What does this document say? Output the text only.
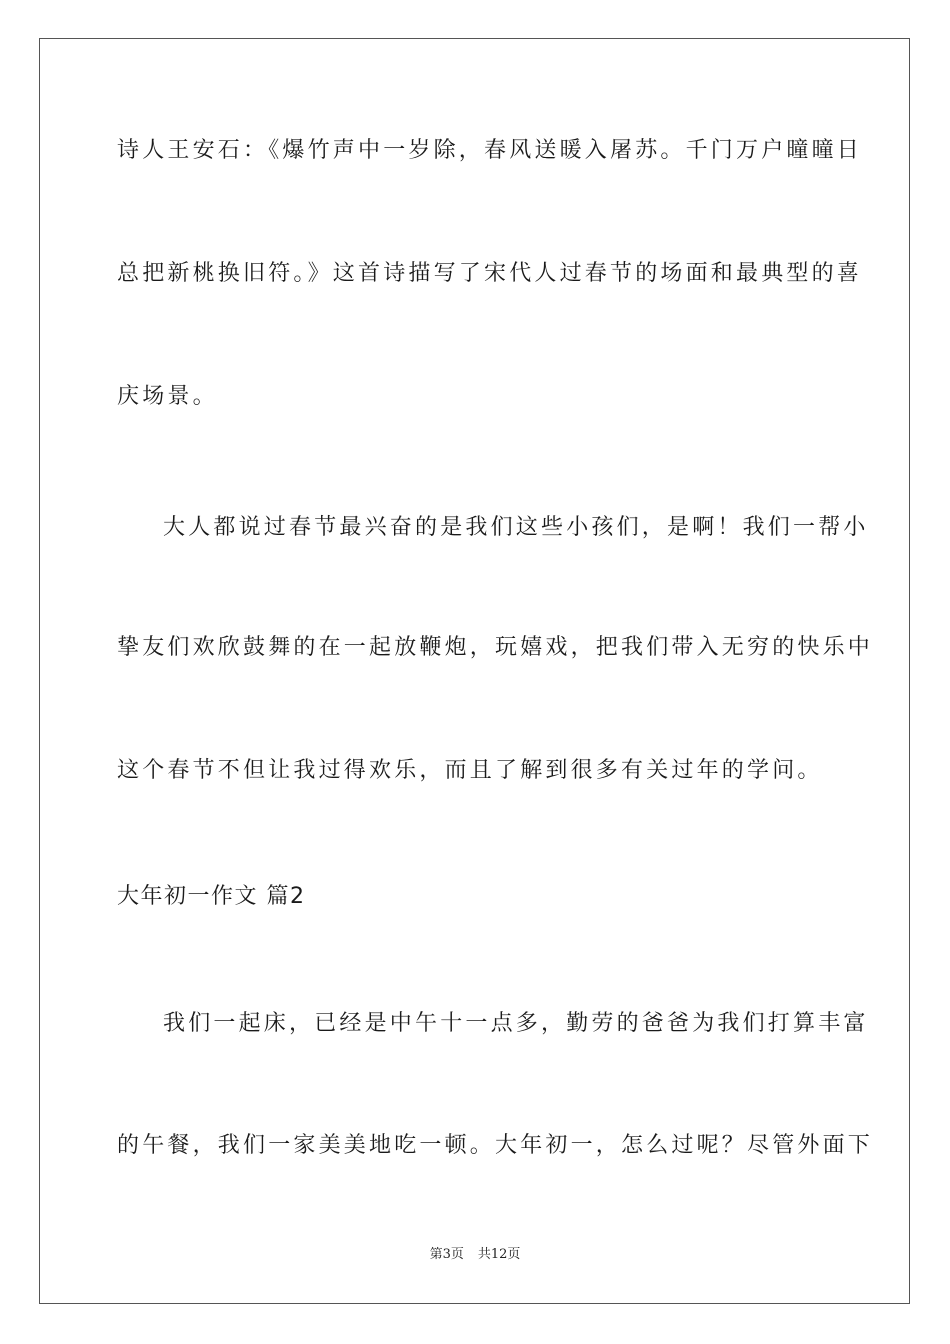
诗人王安石：《爆竹声中一岁除，春风送暖入屠苏。千门万户曈曈日
总把新桃换旧符。》这首诗描写了宋代人过春节的场面和最典型的喜
庆场景。
大人都说过春节最兴奋的是我们这些小孩们，是啊！我们一帮小
挚友们欢欣鼓舞的在一起放鞭炮，玩嬉戏，把我们带入无穷的快乐中
这个春节不但让我过得欢乐，而且了解到很多有关过年的学问。
大年初一作文 篇2
我们一起床，已经是中午十一点多，勤劳的爸爸为我们打算丰富
的午餐，我们一家美美地吃一顿。大年初一，怎么过呢？尽管外面下
第3页 共12页
